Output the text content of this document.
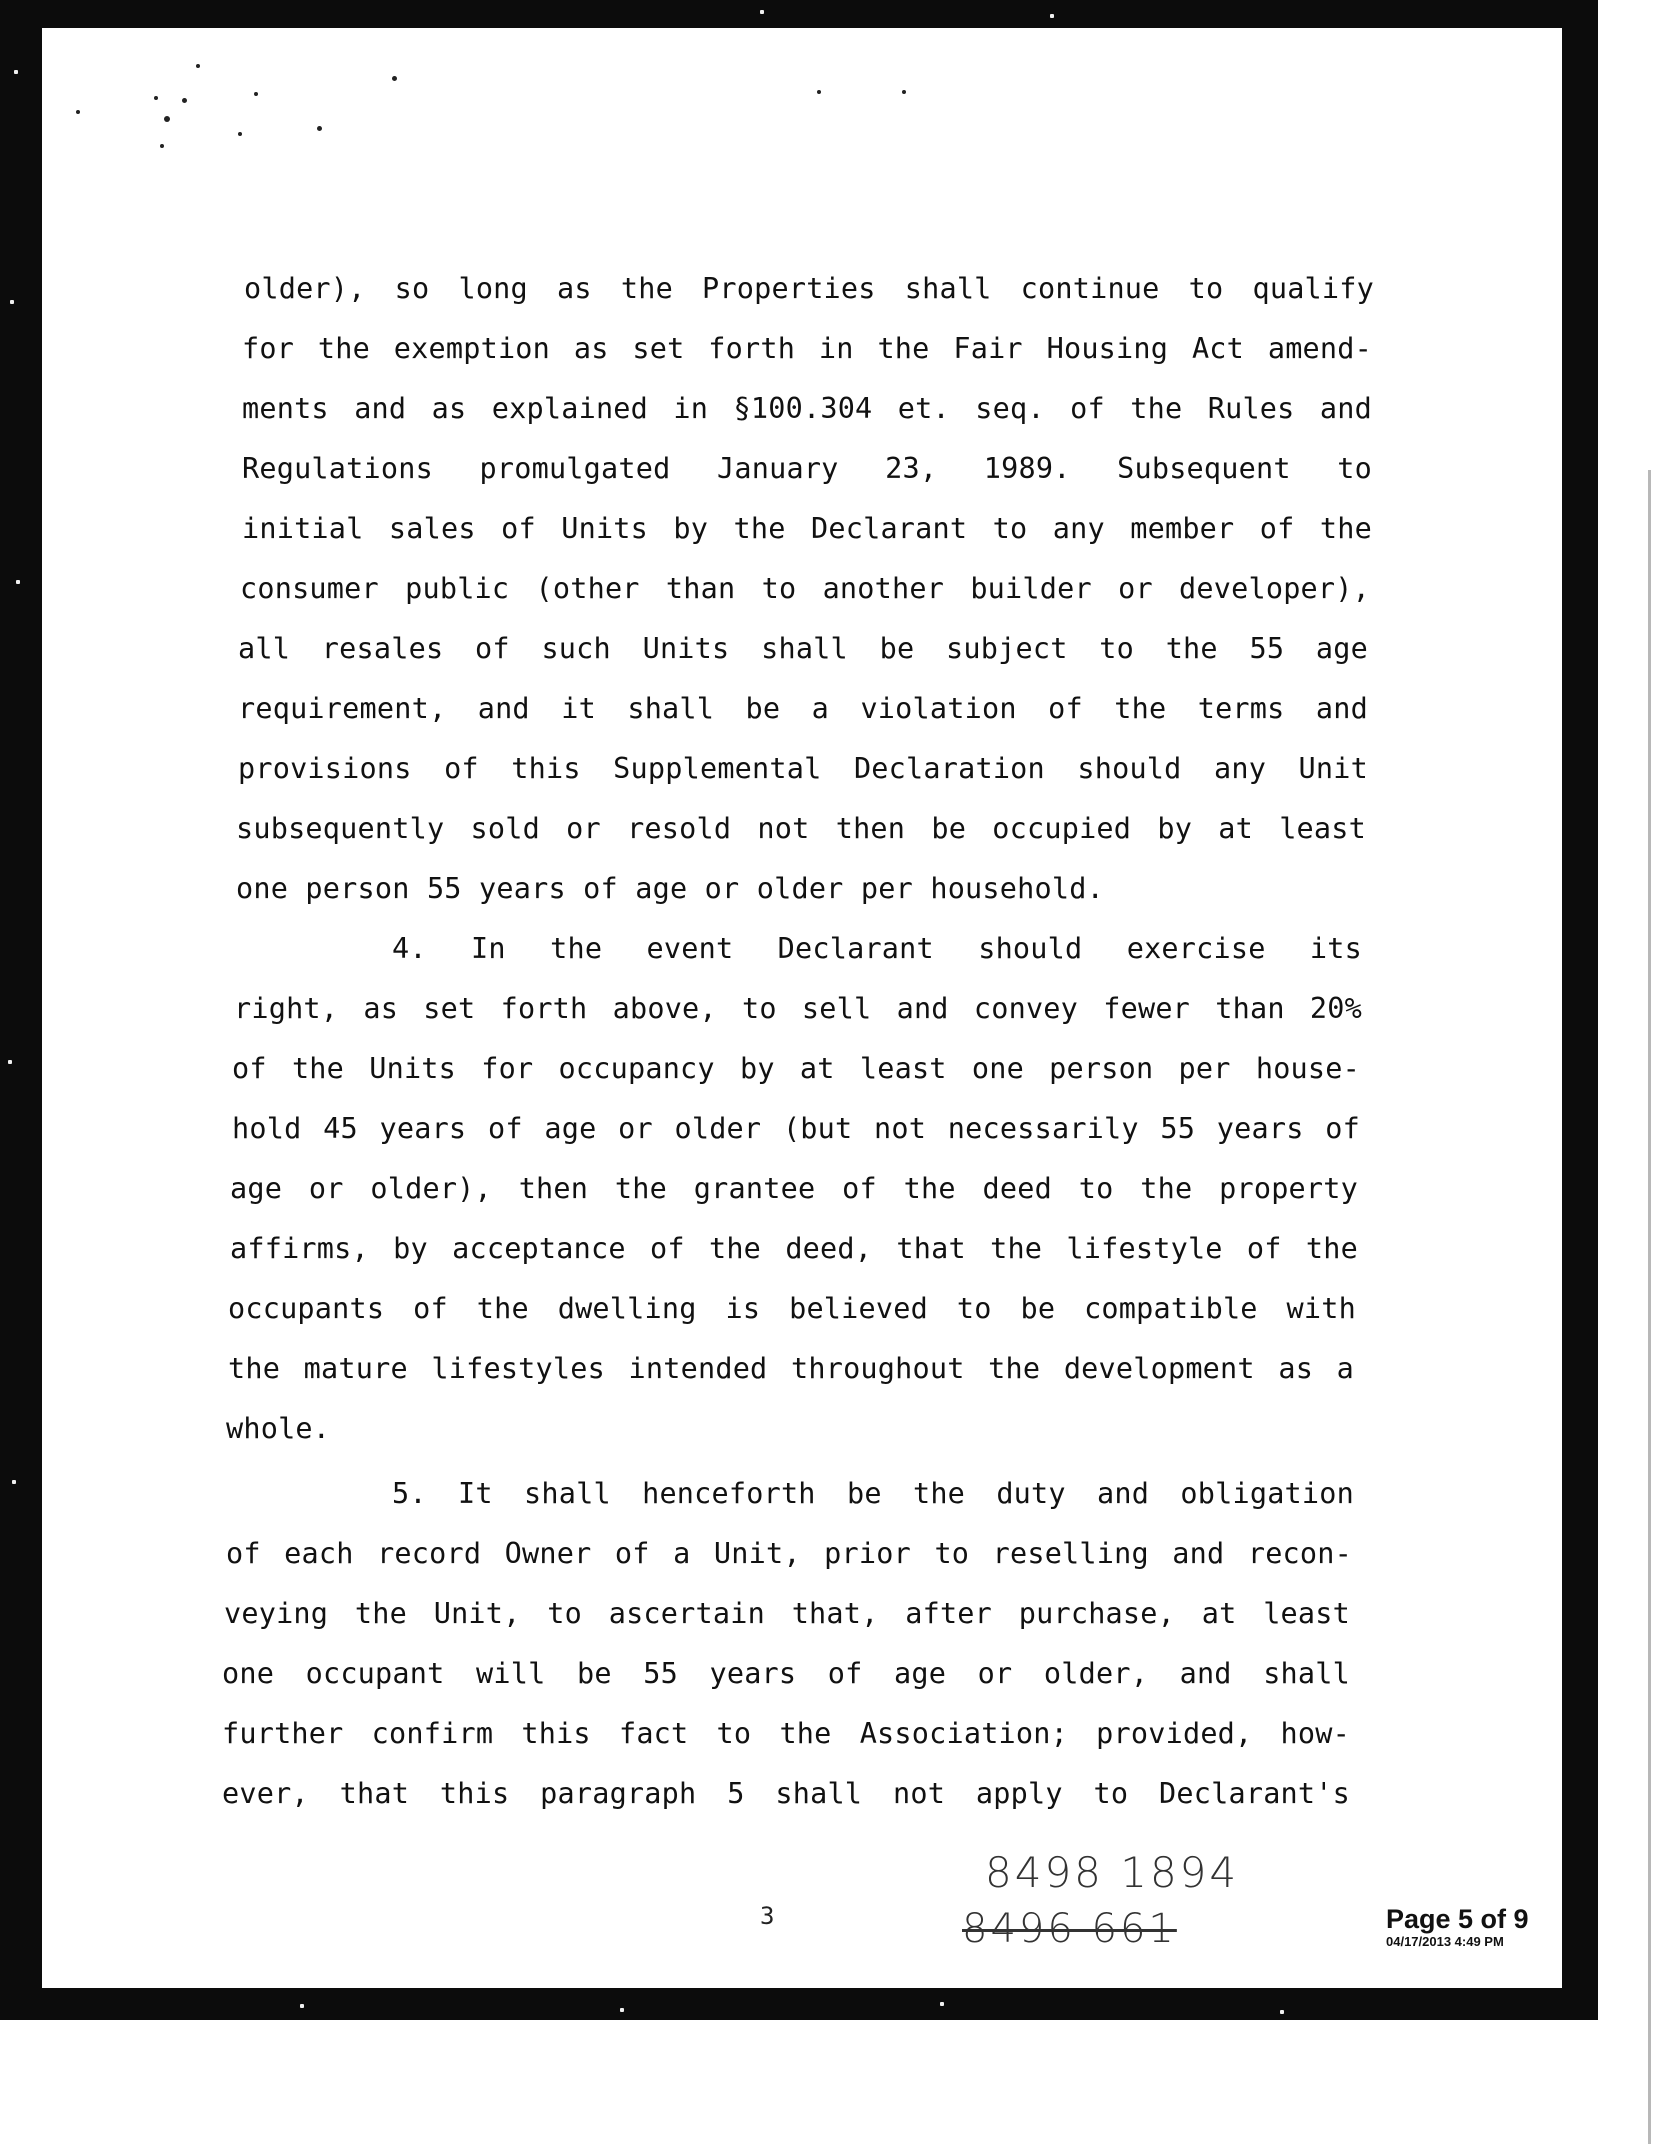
older), so long as the Properties shall continue to qualify

for the exemption as set forth in the Fair Housing Act amend-

ments and as explained in §100.304 et. seq. of the Rules and

Regulations promulgated January 23, 1989. Subsequent to

initial sales of Units by the Declarant to any member of the

consumer public (other than to another builder or developer),

all resales of such Units shall be subject to the 55 age

requirement, and it shall be a violation of the terms and

provisions of this Supplemental Declaration should any Unit

subsequently sold or resold not then be occupied by at least

one person 55 years of age or older per household.

4. In the event Declarant should exercise its

right, as set forth above, to sell and convey fewer than 20%

of the Units for occupancy by at least one person per house-

hold 45 years of age or older (but not necessarily 55 years of

age or older), then the grantee of the deed to the property

affirms, by acceptance of the deed, that the lifestyle of the

occupants of the dwelling is believed to be compatible with

the mature lifestyles intended throughout the development as a

whole.

5. It shall henceforth be the duty and obligation

of each record Owner of a Unit, prior to reselling and recon-

veying the Unit, to ascertain that, after purchase, at least

one occupant will be 55 years of age or older, and shall

further confirm this fact to the Association; provided, how-

ever, that this paragraph 5 shall not apply to Declarant's

8498 1894
8496 661
3	Page 5 of 9
04/17/2013 4:49 PM
